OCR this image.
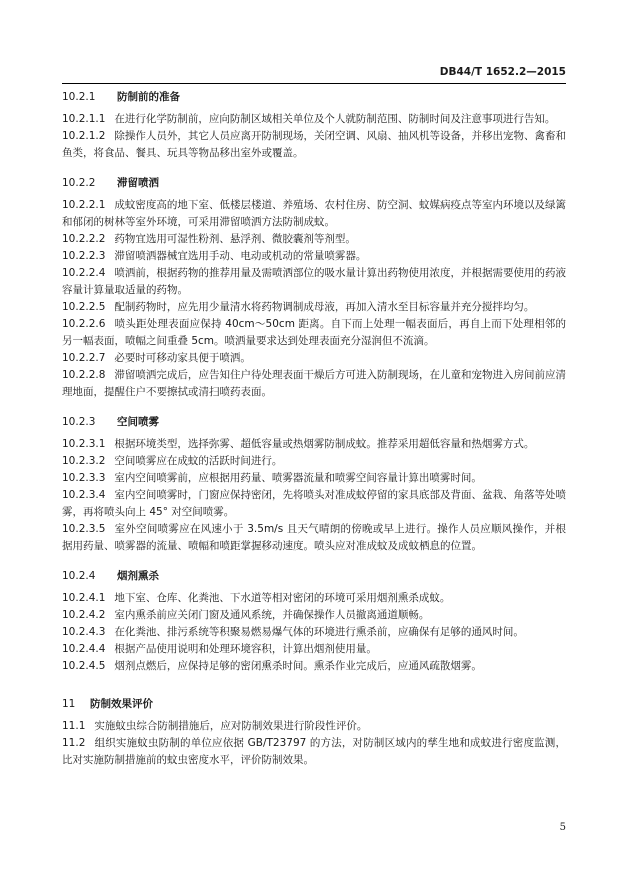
DB44/T 1652.2—2015
10.2.1 防制前的准备

10.2.1.1 在进行化学防制前，应向防制区域相关单位及个人就防制范围、防制时间及注意事项进行告知。

10.2.1.2 除操作人员外，其它人员应离开防制现场，关闭空调、风扇、抽风机等设备，并移出宠物、禽畜和鱼类，将食品、餐具、玩具等物品移出室外或覆盖。

10.2.2 滞留喷洒

10.2.2.1 成蚊密度高的地下室、低楼层楼道、养殖场、农村住房、防空洞、蚊媒病疫点等室内环境以及绿篱和郁闭的树林等室外环境，可采用滞留喷洒方法防制成蚊。

10.2.2.2 药物宜选用可湿性粉剂、悬浮剂、微胶囊剂等剂型。

10.2.2.3 滞留喷洒器械宜选用手动、电动或机动的常量喷雾器。

10.2.2.4 喷洒前，根据药物的推荐用量及需喷洒部位的吸水量计算出药物使用浓度，并根据需要使用的药液容量计算量取适量的药物。

10.2.2.5 配制药物时，应先用少量清水将药物调制成母液，再加入清水至目标容量并充分搅拌均匀。

10.2.2.6 喷头距处理表面应保持 40cm～50cm 距离。自下而上处理一幅表面后，再自上而下处理相邻的另一幅表面，喷幅之间重叠 5cm。喷洒量要求达到处理表面充分湿润但不流滴。

10.2.2.7 必要时可移动家具便于喷洒。

10.2.2.8 滞留喷洒完成后，应告知住户待处理表面干燥后方可进入防制现场，在儿童和宠物进入房间前应清理地面，提醒住户不要擦拭或清扫喷药表面。

10.2.3 空间喷雾

10.2.3.1 根据环境类型，选择弥雾、超低容量或热烟雾防制成蚊。推荐采用超低容量和热烟雾方式。

10.2.3.2 空间喷雾应在成蚊的活跃时间进行。

10.2.3.3 室内空间喷雾前，应根据用药量、喷雾器流量和喷雾空间容量计算出喷雾时间。

10.2.3.4 室内空间喷雾时，门窗应保持密闭，先将喷头对准成蚊停留的家具底部及背面、盆栽、角落等处喷雾，再将喷头向上 45° 对空间喷雾。

10.2.3.5 室外空间喷雾应在风速小于 3.5m/s 且天气晴朗的傍晚或早上进行。操作人员应顺风操作，并根据用药量、喷雾器的流量、喷幅和喷距掌握移动速度。喷头应对准成蚊及成蚊栖息的位置。

10.2.4 烟剂熏杀

10.2.4.1 地下室、仓库、化粪池、下水道等相对密闭的环境可采用烟剂熏杀成蚊。

10.2.4.2 室内熏杀前应关闭门窗及通风系统，并确保操作人员撤离通道顺畅。

10.2.4.3 在化粪池、排污系统等积聚易燃易爆气体的环境进行熏杀前，应确保有足够的通风时间。

10.2.4.4 根据产品使用说明和处理环境容积，计算出烟剂使用量。

10.2.4.5 烟剂点燃后，应保持足够的密闭熏杀时间。熏杀作业完成后，应通风疏散烟雾。

11 防制效果评价

11.1 实施蚊虫综合防制措施后，应对防制效果进行阶段性评价。

11.2 组织实施蚊虫防制的单位应依据 GB/T23797 的方法，对防制区域内的孳生地和成蚊进行密度监测，比对实施防制措施前的蚊虫密度水平，评价防制效果。

5
